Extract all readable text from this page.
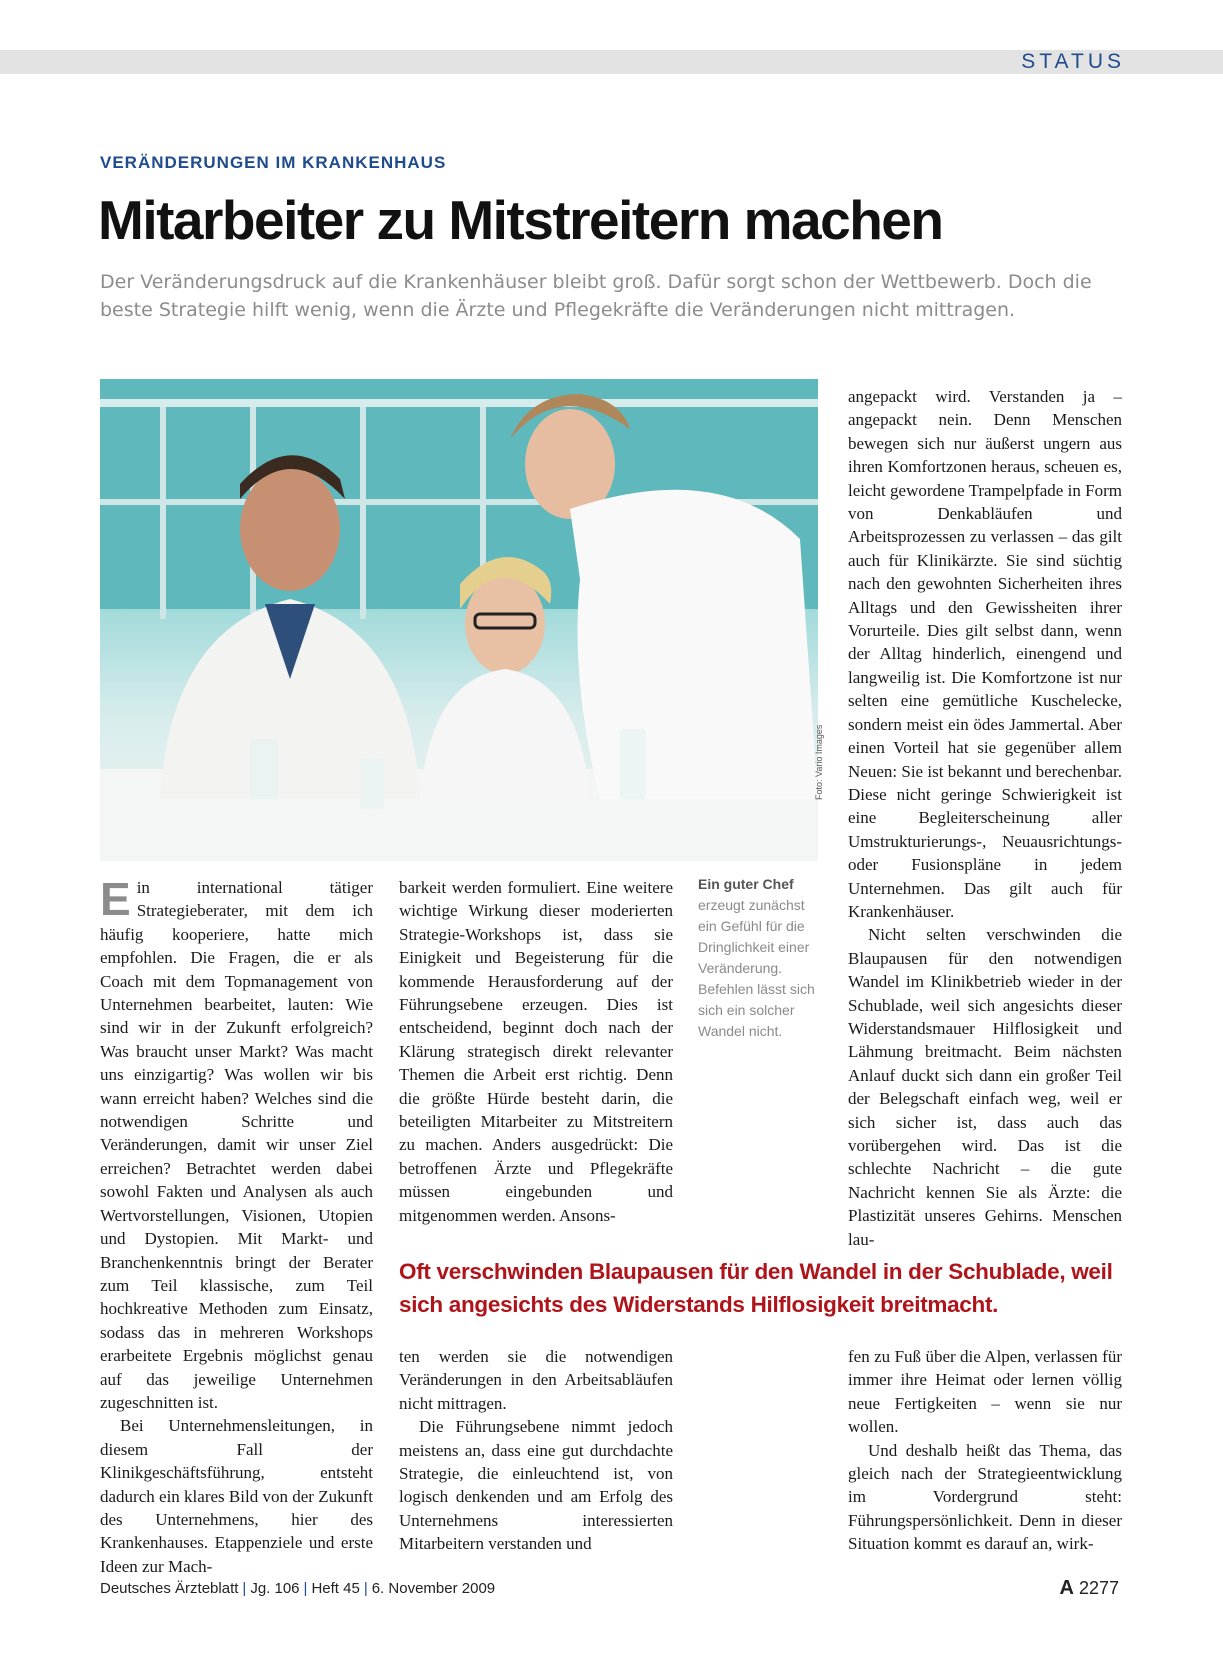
STATUS
VERÄNDERUNGEN IM KRANKENHAUS
Mitarbeiter zu Mitstreitern machen
Der Veränderungsdruck auf die Krankenhäuser bleibt groß. Dafür sorgt schon der Wettbewerb. Doch die beste Strategie hilft wenig, wenn die Ärzte und Pflegekräfte die Veränderungen nicht mittragen.
Foto: Vario Images

Ein international tätiger Strategieberater, mit dem ich häufig kooperiere, hatte mich empfohlen. Die Fragen, die er als Coach mit dem Topmanagement von Unternehmen bearbeitet, lauten: Wie sind wir in der Zukunft erfolgreich? Was braucht unser Markt? Was macht uns einzigartig? Was wollen wir bis wann erreicht haben? Welches sind die notwendigen Schritte und Veränderungen, damit wir unser Ziel erreichen? Betrachtet werden dabei sowohl Fakten und Analysen als auch Wertvorstellungen, Visionen, Utopien und Dystopien. Mit Markt- und Branchenkenntnis bringt der Berater zum Teil klassische, zum Teil hochkreative Methoden zum Einsatz, sodass das in mehreren Workshops erarbeitete Ergebnis möglichst genau auf das jeweilige Unternehmen zugeschnitten ist.

Bei Unternehmensleitungen, in diesem Fall der Klinikgeschäftsführung, entsteht dadurch ein klares Bild von der Zukunft des Unternehmens, hier des Krankenhauses. Etappenziele und erste Ideen zur Mach-

barkeit werden formuliert. Eine weitere wichtige Wirkung dieser moderierten Strategie-Workshops ist, dass sie Einigkeit und Begeisterung für die kommende Herausforderung auf der Führungsebene erzeugen. Dies ist entscheidend, beginnt doch nach der Klärung strategisch direkt relevanter Themen die Arbeit erst richtig. Denn die größte Hürde besteht darin, die beteiligten Mitarbeiter zu Mitstreitern zu machen. Anders ausgedrückt: Die betroffenen Ärzte und Pflegekräfte müssen eingebunden und mitgenommen werden. Ansons-

Ein guter Chef
erzeugt zunächst ein Gefühl für die Dringlichkeit einer Veränderung. Befehlen lässt sich sich ein solcher Wandel nicht.

angepackt wird. Verstanden ja – angepackt nein. Denn Menschen bewegen sich nur äußerst ungern aus ihren Komfortzonen heraus, scheuen es, leicht gewordene Trampelpfade in Form von Denkabläufen und Arbeitsprozessen zu verlassen – das gilt auch für Klinikärzte. Sie sind süchtig nach den gewohnten Sicherheiten ihres Alltags und den Gewissheiten ihrer Vorurteile. Dies gilt selbst dann, wenn der Alltag hinderlich, einengend und langweilig ist. Die Komfortzone ist nur selten eine gemütliche Kuschelecke, sondern meist ein ödes Jammertal. Aber einen Vorteil hat sie gegenüber allem Neuen: Sie ist bekannt und berechenbar. Diese nicht geringe Schwierigkeit ist eine Begleiterscheinung aller Umstrukturierungs-, Neuausrichtungs- oder Fusionspläne in jedem Unternehmen. Das gilt auch für Krankenhäuser.

Nicht selten verschwinden die Blaupausen für den notwendigen Wandel im Klinikbetrieb wieder in der Schublade, weil sich angesichts dieser Widerstandsmauer Hilflosigkeit und Lähmung breitmacht. Beim nächsten Anlauf duckt sich dann ein großer Teil der Belegschaft einfach weg, weil er sich sicher ist, dass auch das vorübergehen wird. Das ist die schlechte Nachricht – die gute Nachricht kennen Sie als Ärzte: die Plastizität unseres Gehirns. Menschen lau-

Oft verschwinden Blaupausen für den Wandel in der Schublade, weil sich angesichts des Widerstands Hilflosigkeit breitmacht.

ten werden sie die notwendigen Veränderungen in den Arbeitsabläufen nicht mittragen.

Die Führungsebene nimmt jedoch meistens an, dass eine gut durchdachte Strategie, die einleuchtend ist, von logisch denkenden und am Erfolg des Unternehmens interessierten Mitarbeitern verstanden und

fen zu Fuß über die Alpen, verlassen für immer ihre Heimat oder lernen völlig neue Fertigkeiten – wenn sie nur wollen.

Und deshalb heißt das Thema, das gleich nach der Strategieentwicklung im Vordergrund steht: Führungspersönlichkeit. Denn in dieser Situation kommt es darauf an, wirk-

Deutsches Ärzteblatt | Jg. 106 | Heft 45 | 6. November 2009	A 2277
